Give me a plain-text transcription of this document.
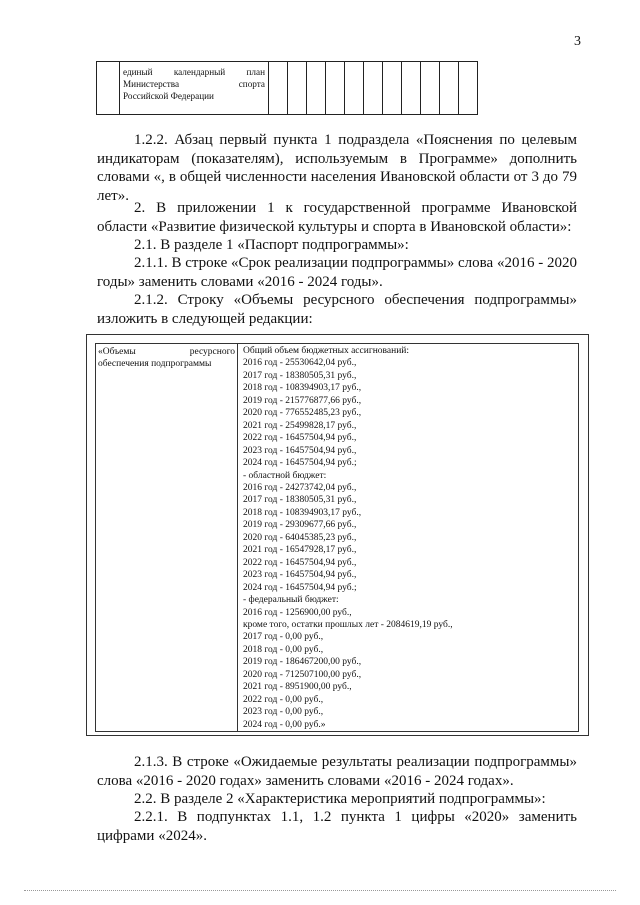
3

единый календарный план
Министерства	спорта
Российской Федерации

1.2.2. Абзац первый пункта 1 подраздела «Пояснения по целевым индикаторам (показателям), используемым в Программе» дополнить словами «, в общей численности населения Ивановской области от 3 до 79 лет».

2. В приложении 1 к государственной программе Ивановской области «Развитие физической культуры и спорта в Ивановской области»:

2.1. В разделе 1 «Паспорт подпрограммы»:

2.1.1. В строке «Срок реализации подпрограммы» слова «2016 - 2020 годы» заменить словами «2016 - 2024 годы».

2.1.2. Строку «Объемы ресурсного обеспечения подпрограммы» изложить в следующей редакции:

«Объемы	ресурсного
обеспечения подпрограммы

Общий объем бюджетных ассигнований:
2016 год - 25530642,04 руб.,
2017 год - 18380505,31 руб.,
2018 год - 108394903,17 руб.,
2019 год - 215776877,66 руб.,
2020 год - 776552485,23 руб.,
2021 год - 25499828,17 руб.,
2022 год - 16457504,94 руб.,
2023 год - 16457504,94 руб.,
2024 год - 16457504,94 руб.;
- областной бюджет:
2016 год - 24273742,04 руб.,
2017 год - 18380505,31 руб.,
2018 год - 108394903,17 руб.,
2019 год - 29309677,66 руб.,
2020 год - 64045385,23 руб.,
2021 год - 16547928,17 руб.,
2022 год - 16457504,94 руб.,
2023 год - 16457504,94 руб.,
2024 год - 16457504,94 руб.;
- федеральный бюджет:
2016 год - 1256900,00 руб.,
кроме того, остатки прошлых лет - 2084619,19 руб.,
2017 год - 0,00 руб.,
2018 год - 0,00 руб.,
2019 год - 186467200,00 руб.,
2020 год - 712507100,00 руб.,
2021 год - 8951900,00 руб.,
2022 год - 0,00 руб.,
2023 год - 0,00 руб.,
2024 год - 0,00 руб.»

2.1.3. В строке «Ожидаемые результаты реализации подпрограммы» слова «2016 - 2020 годах» заменить словами «2016 - 2024 годах».

2.2. В разделе 2 «Характеристика мероприятий подпрограммы»:

2.2.1. В подпунктах 1.1, 1.2 пункта 1 цифры «2020» заменить цифрами «2024».
